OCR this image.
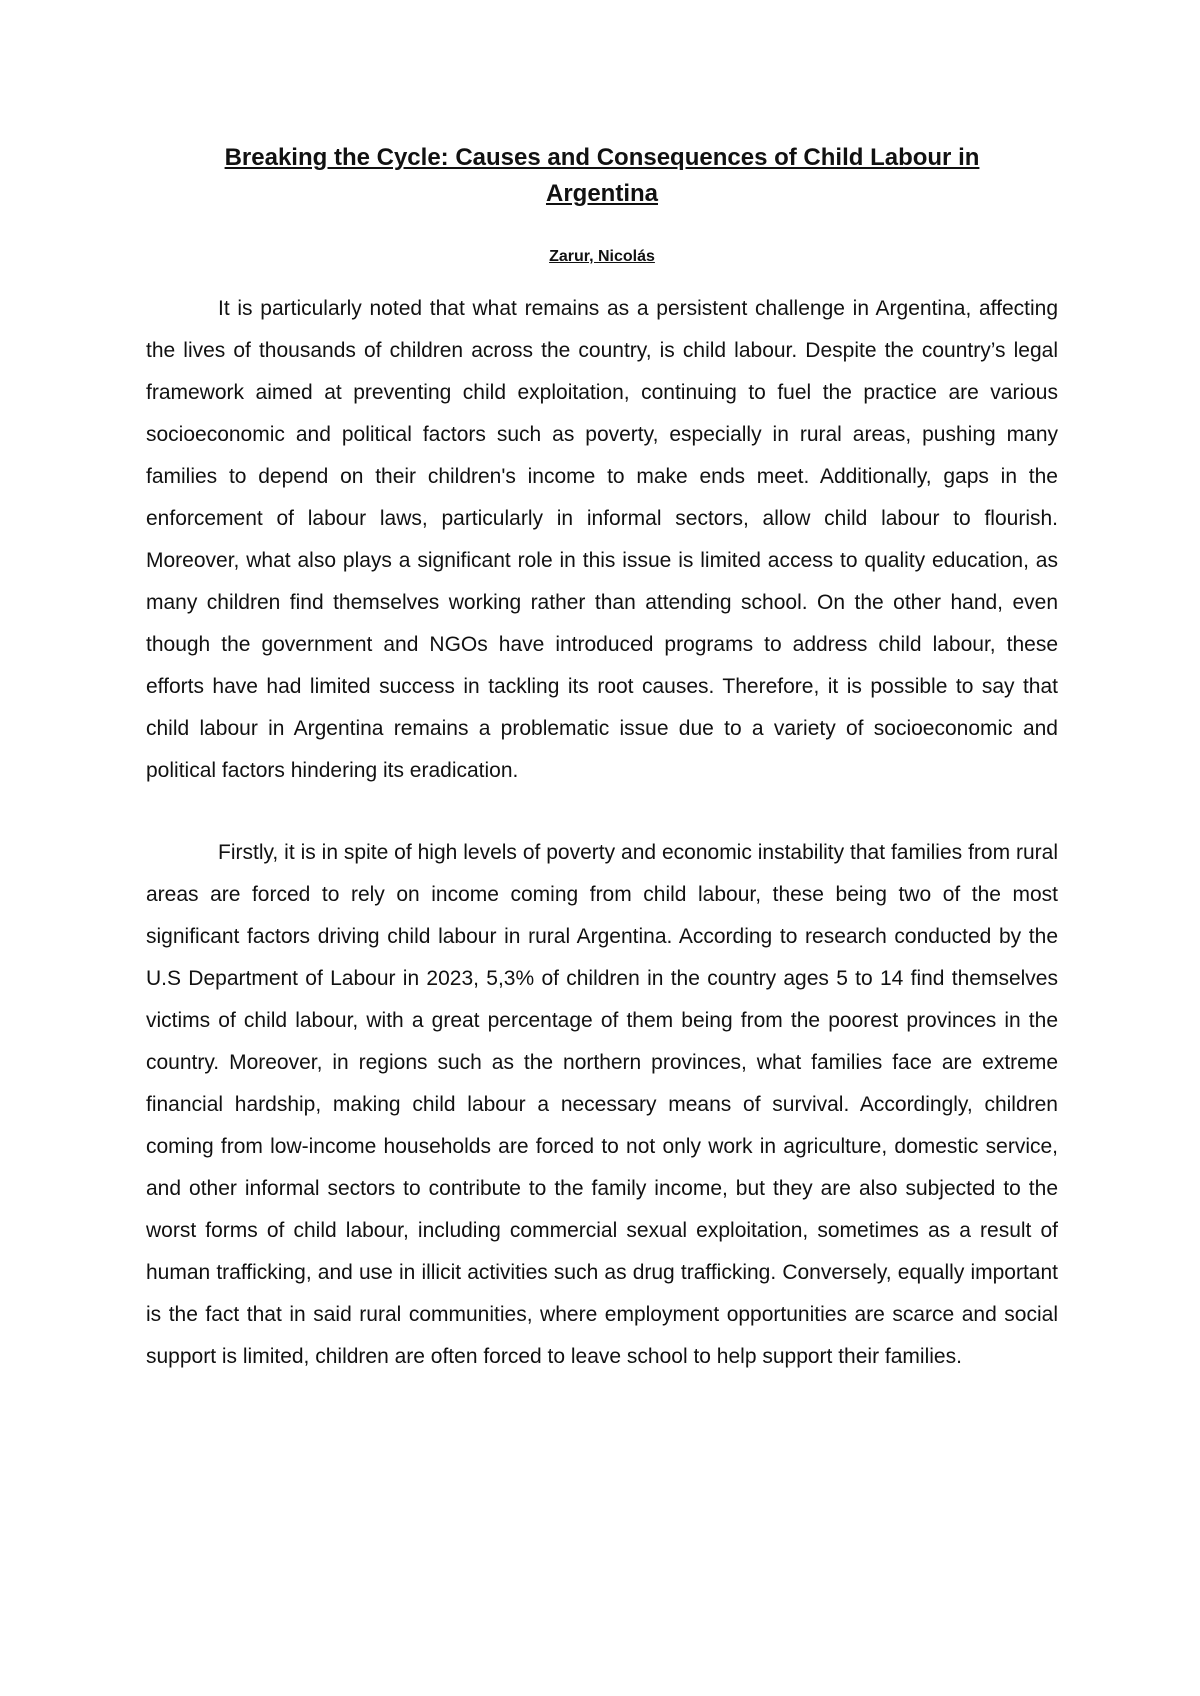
Breaking the Cycle: Causes and Consequences of Child Labour in Argentina
Zarur, Nicolás

It is particularly noted that what remains as a persistent challenge in Argentina, affecting the lives of thousands of children across the country, is child labour. Despite the country’s legal framework aimed at preventing child exploitation, continuing to fuel the practice are various socioeconomic and political factors such as poverty, especially in rural areas, pushing many families to depend on their children's income to make ends meet. Additionally, gaps in the enforcement of labour laws, particularly in informal sectors, allow child labour to flourish. Moreover, what also plays a significant role in this issue is limited access to quality education, as many children find themselves working rather than attending school. On the other hand, even though the government and NGOs have introduced programs to address child labour, these efforts have had limited success in tackling its root causes. Therefore, it is possible to say that child labour in Argentina remains a problematic issue due to a variety of socioeconomic and political factors hindering its eradication.

Firstly, it is in spite of high levels of poverty and economic instability that families from rural areas are forced to rely on income coming from child labour, these being two of the most significant factors driving child labour in rural Argentina. According to research conducted by the U.S Department of Labour in 2023, 5,3% of children in the country ages 5 to 14 find themselves victims of child labour, with a great percentage of them being from the poorest provinces in the country. Moreover, in regions such as the northern provinces, what families face are extreme financial hardship, making child labour a necessary means of survival. Accordingly, children coming from low-income households are forced to not only work in agriculture, domestic service, and other informal sectors to contribute to the family income, but they are also subjected to the worst forms of child labour, including commercial sexual exploitation, sometimes as a result of human trafficking, and use in illicit activities such as drug trafficking. Conversely, equally important is the fact that in said rural communities, where employment opportunities are scarce and social support is limited, children are often forced to leave school to help support their families.
